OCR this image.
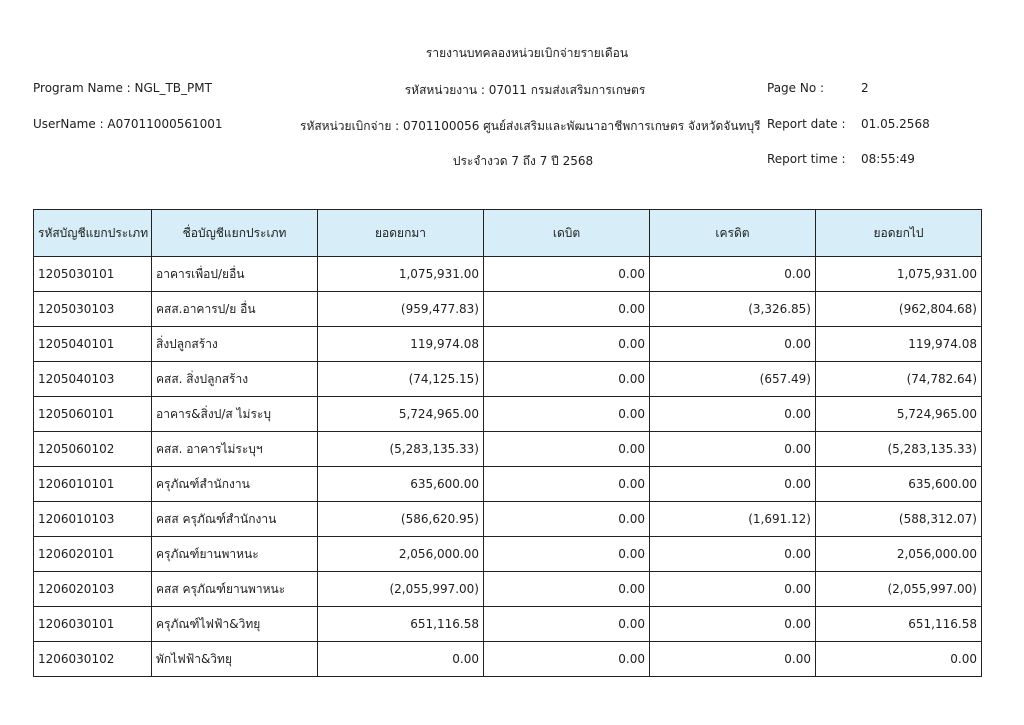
รายงานบทคลองหน่วยเบิกจ่ายรายเดือน
Program Name : NGL_TB_PMT	รหัสหน่วยงาน : 07011 กรมส่งเสริมการเกษตร	Page No :	2
UserName : A07011000561001	รหัสหน่วยเบิกจ่าย : 0701100056 ศูนย์ส่งเสริมและพัฒนาอาชีพการเกษตร จังหวัดจันทบุรี Report date : 01.05.2568
ประจำงวด 7 ถึง 7 ปี 2568	Report time : 08:55:49
รหัสบัญชีแยกประเภท	ชื่อบัญชีแยกประเภท	ยอดยกมา	เดบิต	เครดิต	ยอดยกไป
1205030101	อาคารเพื่อป/ยอื่น	1,075,931.00	0.00	0.00	1,075,931.00
1205030103	คสส.อาคารป/ย อื่น	(959,477.83)	0.00	(3,326.85)	(962,804.68)
1205040101	สิ่งปลูกสร้าง	119,974.08	0.00	0.00	119,974.08
1205040103	คสส. สิ่งปลูกสร้าง	(74,125.15)	0.00	(657.49)	(74,782.64)
1205060101	อาคาร&สิ่งป/ส ไม่ระบุ	5,724,965.00	0.00	0.00	5,724,965.00
1205060102	คสส. อาคารไม่ระบุฯ	(5,283,135.33)	0.00	0.00	(5,283,135.33)
1206010101	ครุภัณฑ์สำนักงาน	635,600.00	0.00	0.00	635,600.00
1206010103	คสส ครุภัณฑ์สำนักงาน	(586,620.95)	0.00	(1,691.12)	(588,312.07)
1206020101	ครุภัณฑ์ยานพาหนะ	2,056,000.00	0.00	0.00	2,056,000.00
1206020103	คสส ครุภัณฑ์ยานพาหนะ	(2,055,997.00)	0.00	0.00	(2,055,997.00)
1206030101	ครุภัณฑ์ไฟฟ้า&วิทยุ	651,116.58	0.00	0.00	651,116.58
1206030102	พักไฟฟ้า&วิทยุ	0.00	0.00	0.00	0.00
